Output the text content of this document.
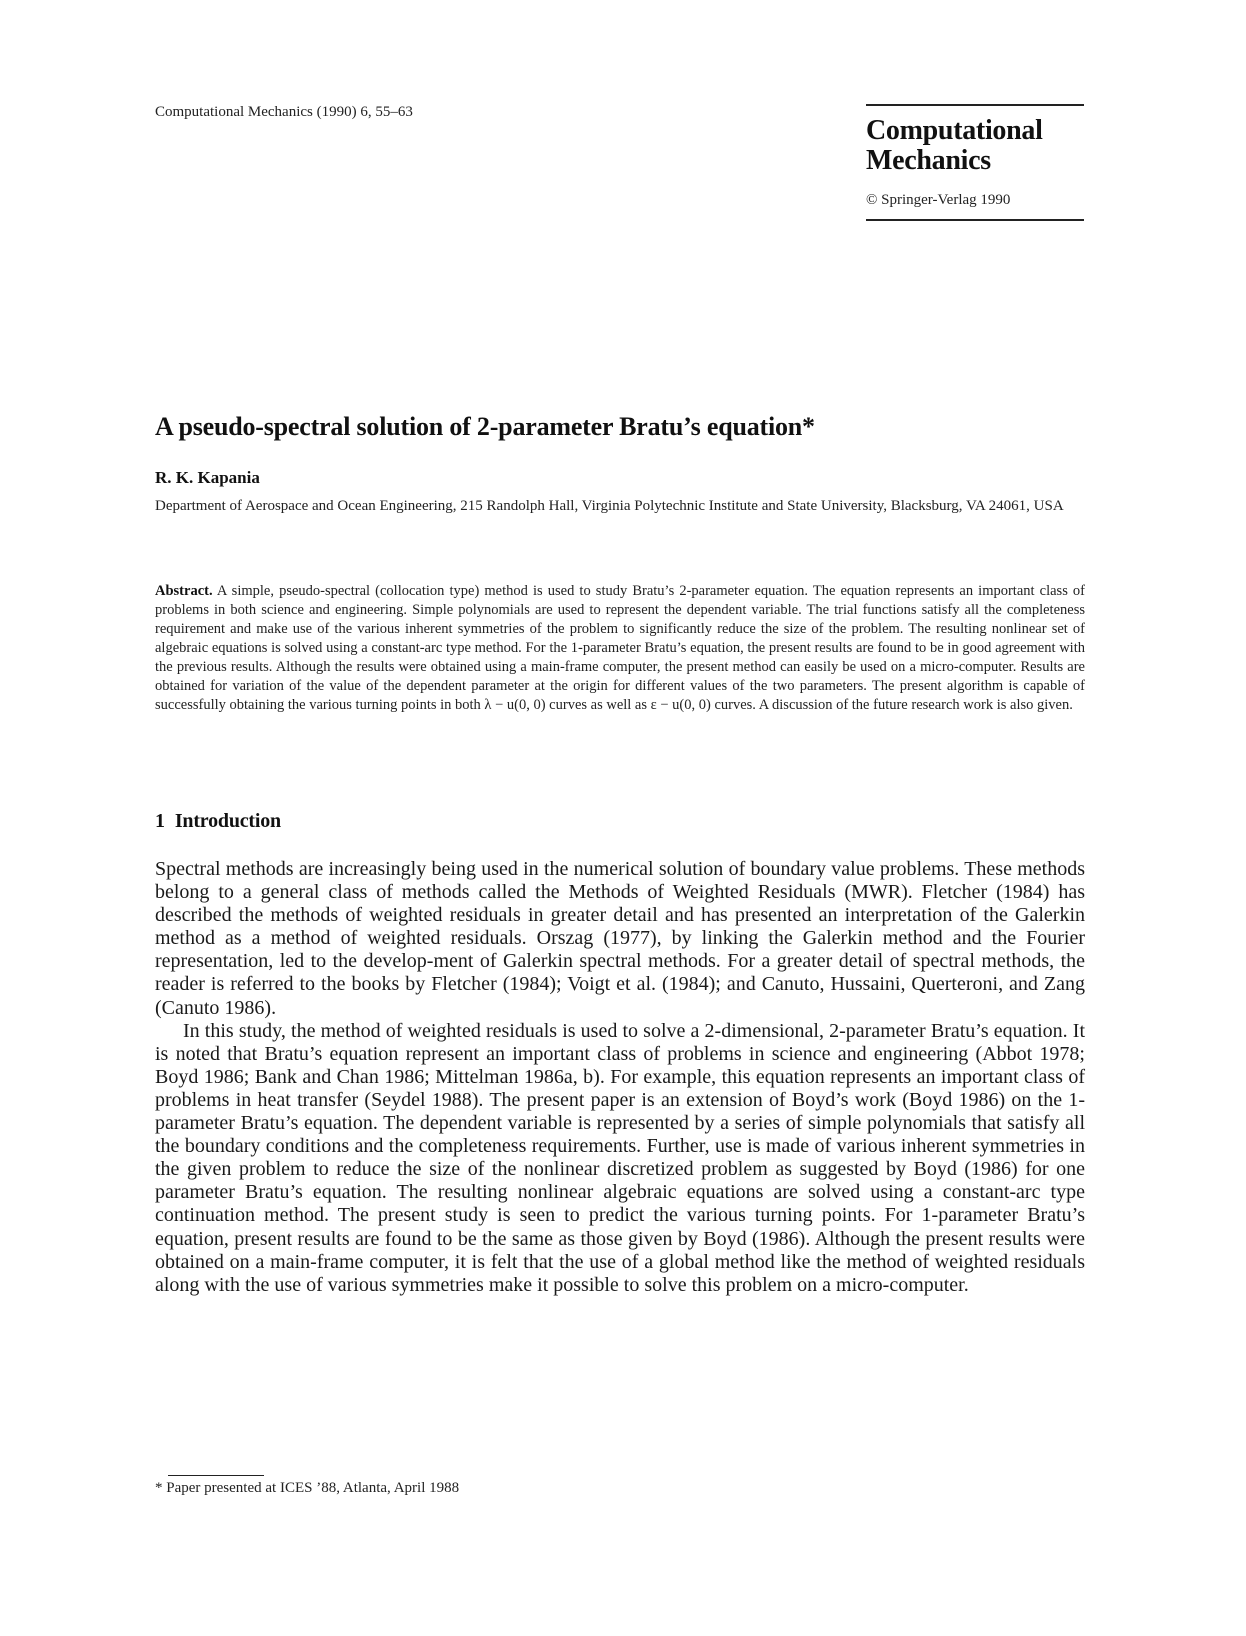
Computational Mechanics (1990) 6, 55–63
Computational
Mechanics
© Springer-Verlag 1990
A pseudo-spectral solution of 2-parameter Bratu’s equation*
R. K. Kapania
Department of Aerospace and Ocean Engineering, 215 Randolph Hall, Virginia Polytechnic Institute and State University, Blacksburg, VA 24061, USA
Abstract. A simple, pseudo-spectral (collocation type) method is used to study Bratu’s 2-parameter equation. The equation represents an important class of problems in both science and engineering. Simple polynomials are used to represent the dependent variable. The trial functions satisfy all the completeness requirement and make use of the various inherent symmetries of the problem to significantly reduce the size of the problem. The resulting nonlinear set of algebraic equations is solved using a constant-arc type method. For the 1-parameter Bratu’s equation, the present results are found to be in good agreement with the previous results. Although the results were obtained using a main-frame computer, the present method can easily be used on a micro-computer. Results are obtained for variation of the value of the dependent parameter at the origin for different values of the two parameters. The present algorithm is capable of successfully obtaining the various turning points in both λ − u(0, 0) curves as well as ε − u(0, 0) curves. A discussion of the future research work is also given.
1 Introduction

Spectral methods are increasingly being used in the numerical solution of boundary value problems. These methods belong to a general class of methods called the Methods of Weighted Residuals (MWR). Fletcher (1984) has described the methods of weighted residuals in greater detail and has presented an interpretation of the Galerkin method as a method of weighted residuals. Orszag (1977), by linking the Galerkin method and the Fourier representation, led to the develop-ment of Galerkin spectral methods. For a greater detail of spectral methods, the reader is referred to the books by Fletcher (1984); Voigt et al. (1984); and Canuto, Hussaini, Querteroni, and Zang (Canuto 1986).

In this study, the method of weighted residuals is used to solve a 2-dimensional, 2-parameter Bratu’s equation. It is noted that Bratu’s equation represent an important class of problems in science and engineering (Abbot 1978; Boyd 1986; Bank and Chan 1986; Mittelman 1986a, b). For example, this equation represents an important class of problems in heat transfer (Seydel 1988). The present paper is an extension of Boyd’s work (Boyd 1986) on the 1-parameter Bratu’s equation. The dependent variable is represented by a series of simple polynomials that satisfy all the boundary conditions and the completeness requirements. Further, use is made of various inherent symmetries in the given problem to reduce the size of the nonlinear discretized problem as suggested by Boyd (1986) for one parameter Bratu’s equation. The resulting nonlinear algebraic equations are solved using a constant-arc type continuation method. The present study is seen to predict the various turning points. For 1-parameter Bratu’s equation, present results are found to be the same as those given by Boyd (1986). Although the present results were obtained on a main-frame computer, it is felt that the use of a global method like the method of weighted residuals along with the use of various symmetries make it possible to solve this problem on a micro-computer.

* Paper presented at ICES ’88, Atlanta, April 1988
